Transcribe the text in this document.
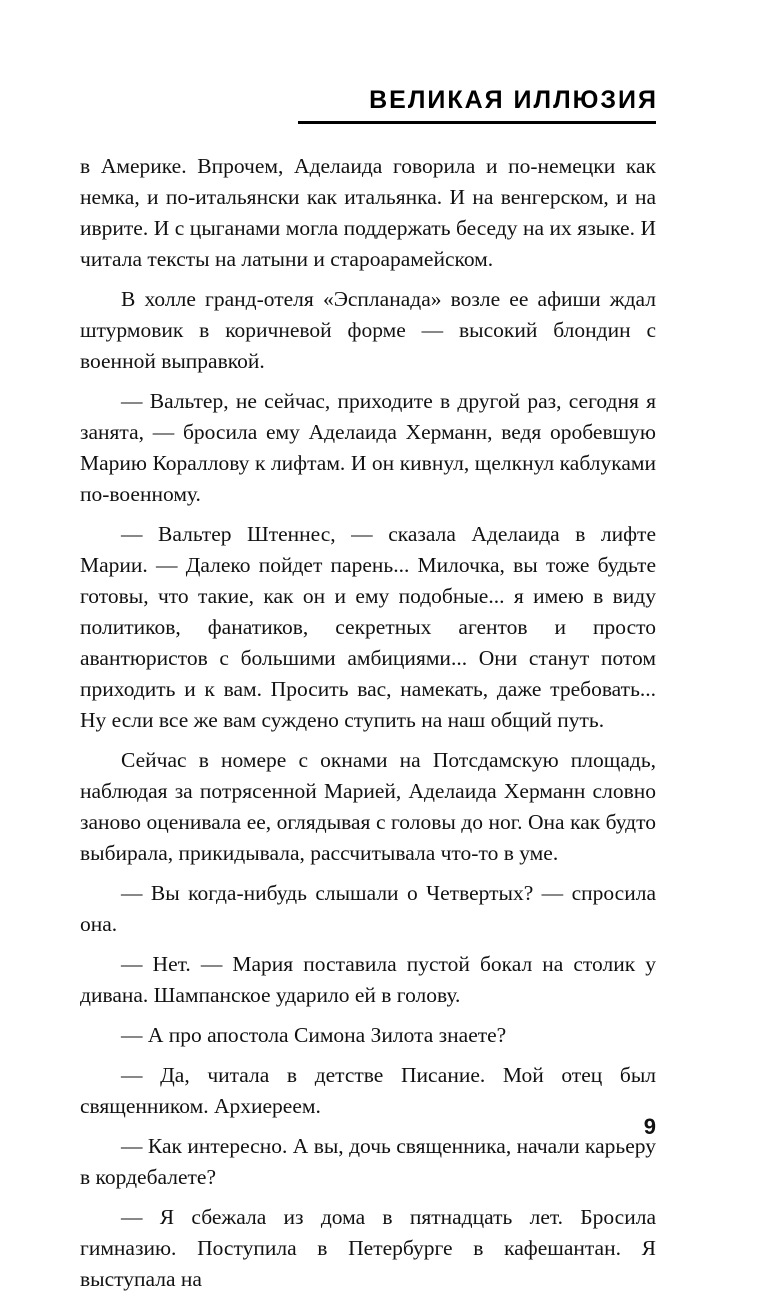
ВЕЛИКАЯ ИЛЛЮЗИЯ

в Америке. Впрочем, Аделаида говорила и по-немецки как немка, и по-итальянски как итальянка. И на венгерском, и на иврите. И с цыганами могла поддержать беседу на их языке. И читала тексты на латыни и староарамейском.

В холле гранд-отеля «Эспланада» возле ее афиши ждал штурмовик в коричневой форме — высокий блондин с военной выправкой.

— Вальтер, не сейчас, приходите в другой раз, сегодня я занята, — бросила ему Аделаида Херманн, ведя оробевшую Марию Кораллову к лифтам. И он кивнул, щелкнул каблуками по-военному.

— Вальтер Штеннес, — сказала Аделаида в лифте Марии. — Далеко пойдет парень... Милочка, вы тоже будьте готовы, что такие, как он и ему подобные... я имею в виду политиков, фанатиков, секретных агентов и просто авантюристов с большими амбициями... Они станут потом приходить и к вам. Просить вас, намекать, даже требовать... Ну если все же вам суждено ступить на наш общий путь.

Сейчас в номере с окнами на Потсдамскую площадь, наблюдая за потрясенной Марией, Аделаида Херманн словно заново оценивала ее, оглядывая с головы до ног. Она как будто выбирала, прикидывала, рассчитывала что-то в уме.

— Вы когда-нибудь слышали о Четвертых? — спросила она.

— Нет. — Мария поставила пустой бокал на столик у дивана. Шампанское ударило ей в голову.

— А про апостола Симона Зилота знаете?

— Да, читала в детстве Писание. Мой отец был священником. Архиереем.

— Как интересно. А вы, дочь священника, начали карьеру в кордебалете?

— Я сбежала из дома в пятнадцать лет. Бросила гимназию. Поступила в Петербурге в кафешантан. Я выступала на

9
